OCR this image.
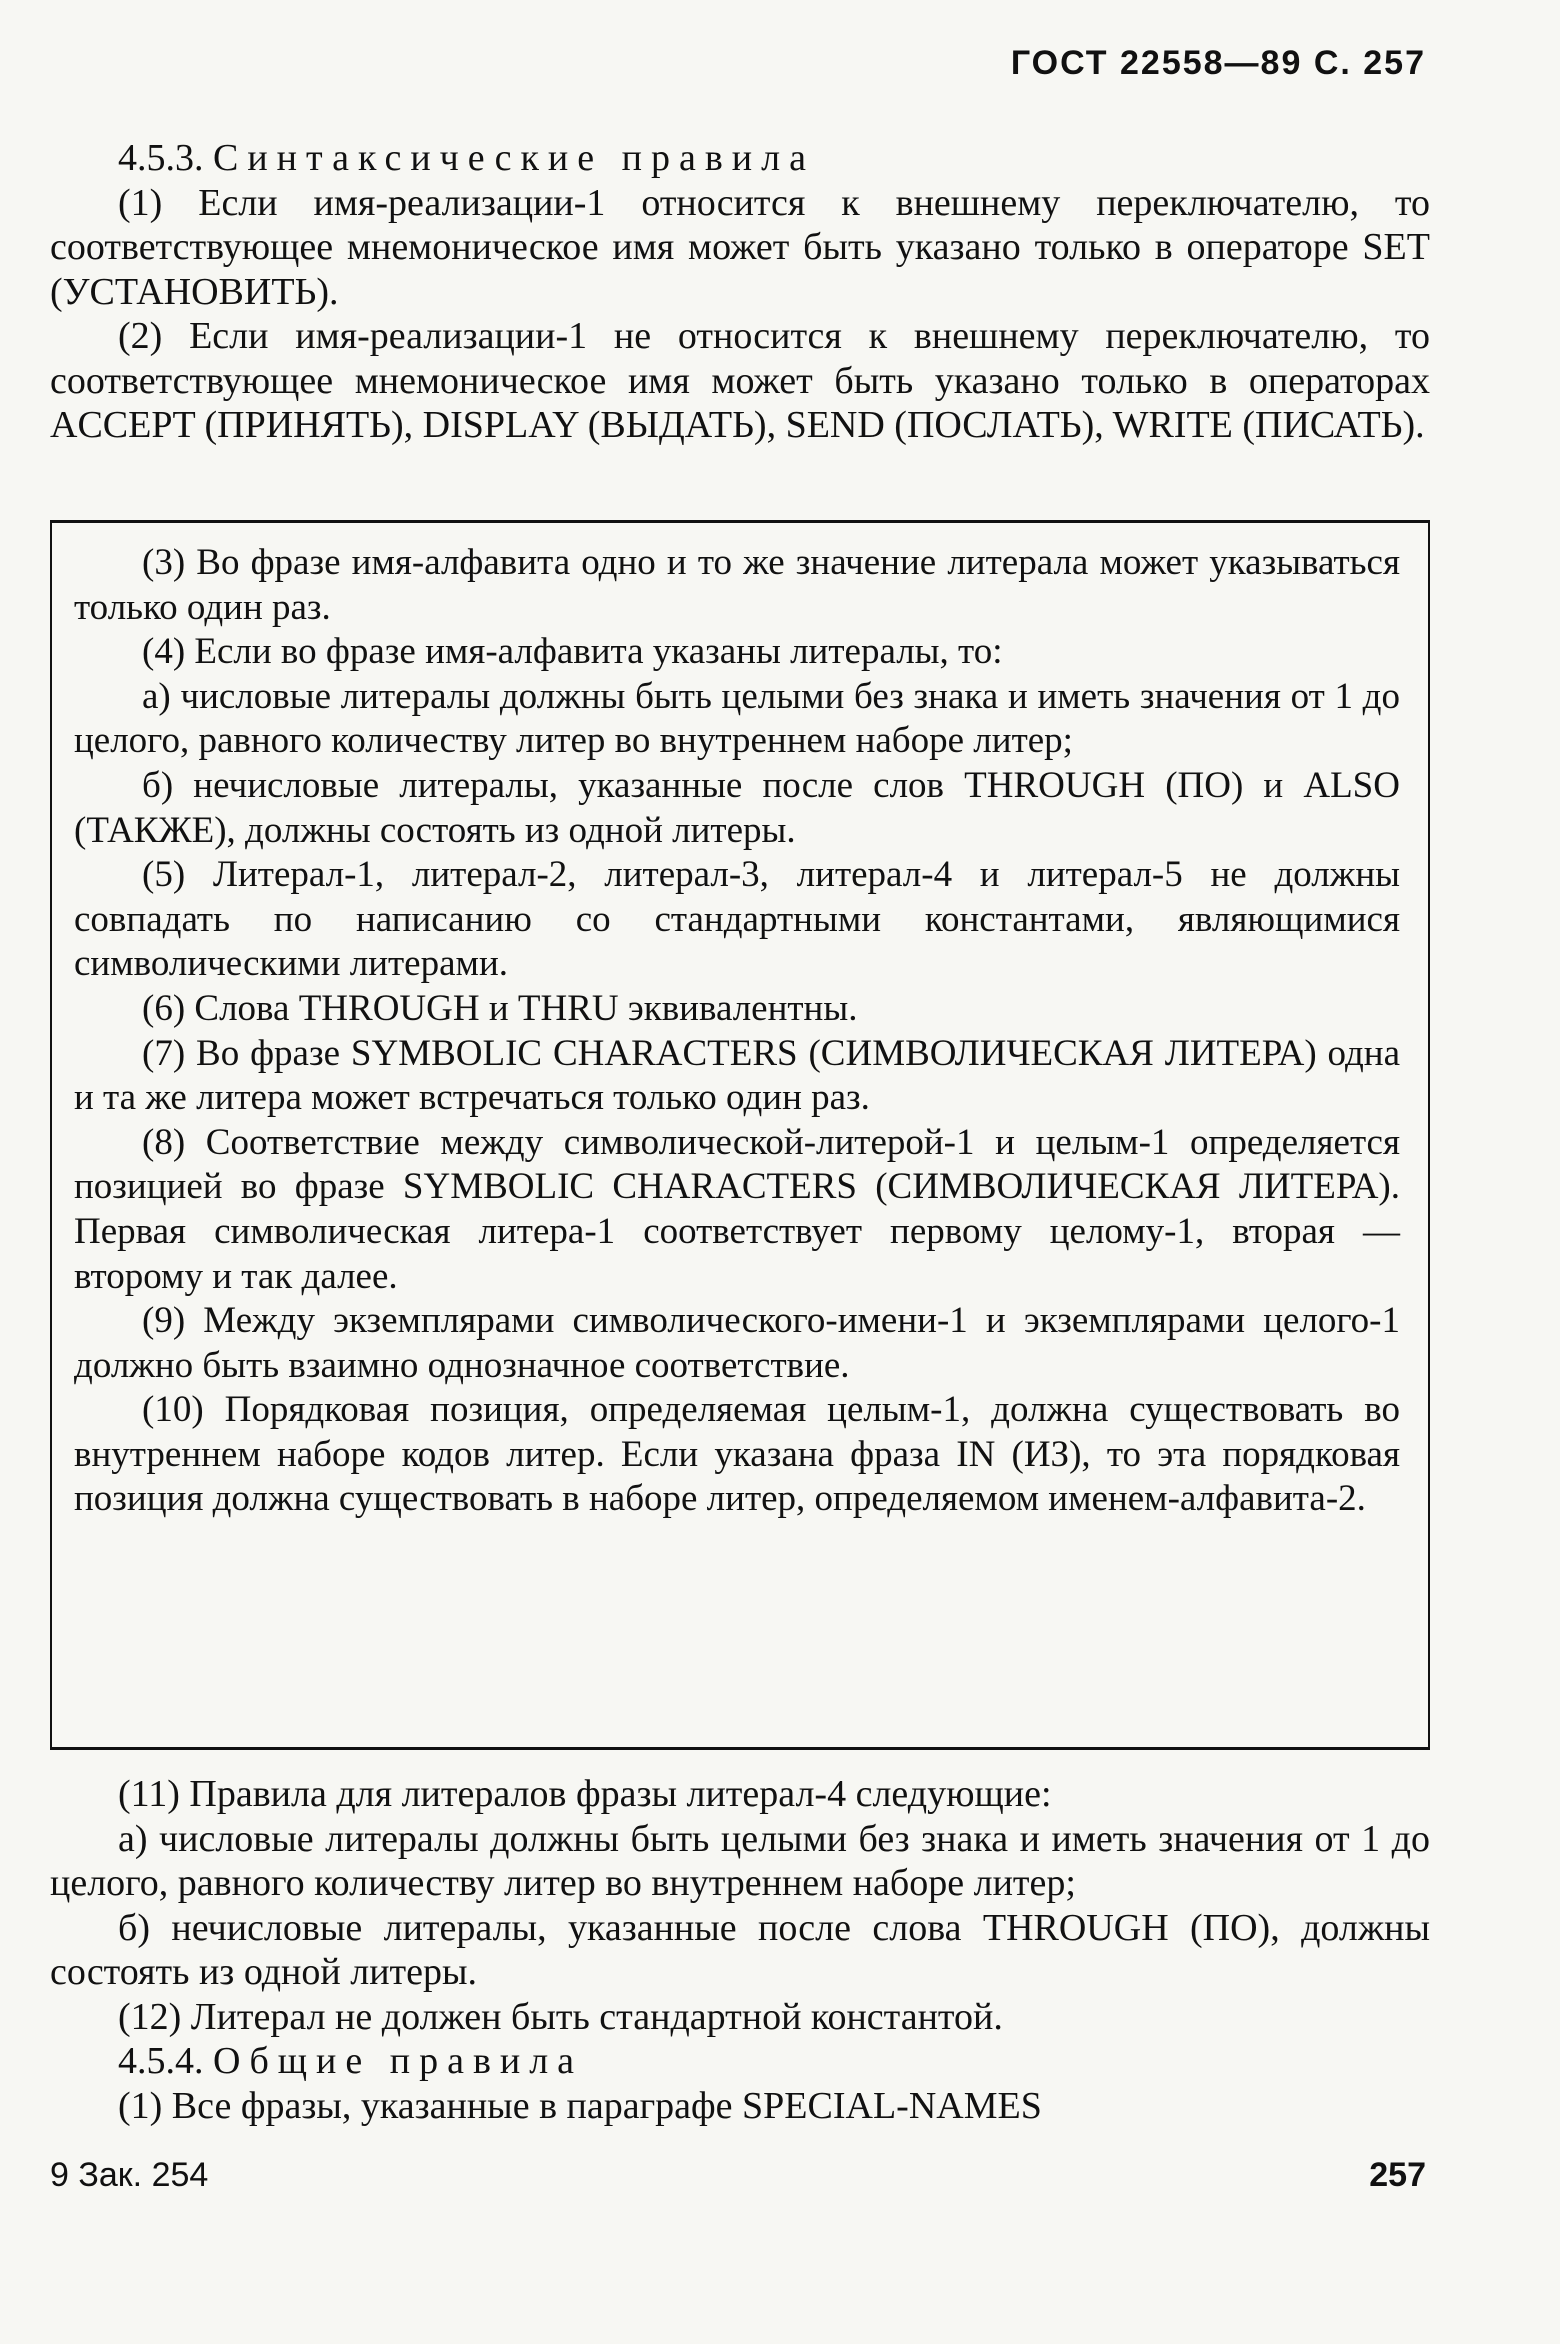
ГОСТ 22558—89 С. 257

4.5.3. Синтаксические правила

(1) Если имя-реализации-1 относится к внешнему переключателю, то соответствующее мнемоническое имя может быть указано только в операторе SET (УСТАНОВИТЬ).

(2) Если имя-реализации-1 не относится к внешнему переключателю, то соответствующее мнемоническое имя может быть указано только в операторах ACCEPT (ПРИНЯТЬ), DISPLAY (ВЫДАТЬ), SEND (ПОСЛАТЬ), WRITE (ПИСАТЬ).

(3) Во фразе имя-алфавита одно и то же значение литерала может указываться только один раз.

(4) Если во фразе имя-алфавита указаны литералы, то:

а) числовые литералы должны быть целыми без знака и иметь значения от 1 до целого, равного количеству литер во внутреннем наборе литер;

б) нечисловые литералы, указанные после слов THROUGH (ПО) и ALSO (ТАКЖЕ), должны состоять из одной литеры.

(5) Литерал-1, литерал-2, литерал-3, литерал-4 и литерал-5 не должны совпадать по написанию со стандартными константами, являющимися символическими литерами.

(6) Слова THROUGH и THRU эквивалентны.

(7) Во фразе SYMBOLIC CHARACTERS (СИМВОЛИЧЕСКАЯ ЛИТЕРА) одна и та же литера может встречаться только один раз.

(8) Соответствие между символической-литерой-1 и целым-1 определяется позицией во фразе SYMBOLIC CHARACTERS (СИМВОЛИЧЕСКАЯ ЛИТЕРА). Первая символическая литера-1 соответствует первому целому-1, вторая — второму и так далее.

(9) Между экземплярами символического-имени-1 и экземплярами целого-1 должно быть взаимно однозначное соответствие.

(10) Порядковая позиция, определяемая целым-1, должна существовать во внутреннем наборе кодов литер. Если указана фраза IN (ИЗ), то эта порядковая позиция должна существовать в наборе литер, определяемом именем-алфавита-2.

(11) Правила для литералов фразы литерал-4 следующие:

а) числовые литералы должны быть целыми без знака и иметь значения от 1 до целого, равного количеству литер во внутреннем наборе литер;

б) нечисловые литералы, указанные после слова THROUGH (ПО), должны состоять из одной литеры.

(12) Литерал не должен быть стандартной константой.

4.5.4. Общие правила

(1) Все фразы, указанные в параграфе SPECIAL-NAMES

9 Зак. 254	257
